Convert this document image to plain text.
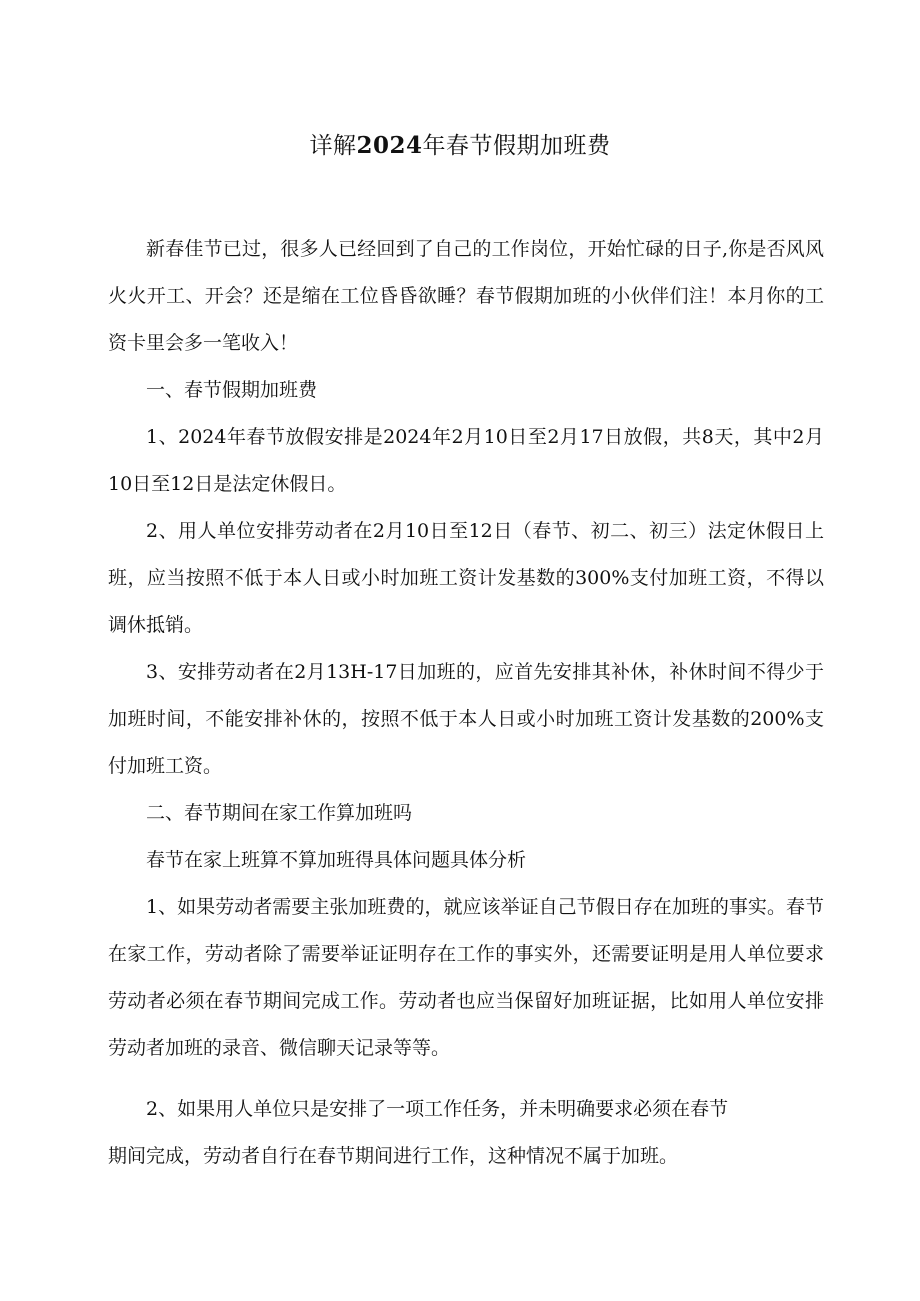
详解2024年春节假期加班费

新春佳节已过，很多人已经回到了自己的工作岗位，开始忙碌的日子,你是否风风火火开工、开会？还是缩在工位昏昏欲睡？春节假期加班的小伙伴们注！本月你的工资卡里会多一笔收入！

一、春节假期加班费

1、2024年春节放假安排是2024年2月10日至2月17日放假，共8天，其中2月10日至12日是法定休假日。

2、用人单位安排劳动者在2月10日至12日（春节、初二、初三）法定休假日上班，应当按照不低于本人日或小时加班工资计发基数的300%支付加班工资，不得以调休抵销。

3、安排劳动者在2月13H-17日加班的，应首先安排其补休，补休时间不得少于加班时间，不能安排补休的，按照不低于本人日或小时加班工资计发基数的200%支付加班工资。

二、春节期间在家工作算加班吗

春节在家上班算不算加班得具体问题具体分析

1、如果劳动者需要主张加班费的，就应该举证自己节假日存在加班的事实。春节在家工作，劳动者除了需要举证证明存在工作的事实外，还需要证明是用人单位要求劳动者必须在春节期间完成工作。劳动者也应当保留好加班证据，比如用人单位安排劳动者加班的录音、微信聊天记录等等。

2、如果用人单位只是安排了一项工作任务，并未明确要求必须在春节
期间完成，劳动者自行在春节期间进行工作，这种情况不属于加班。
